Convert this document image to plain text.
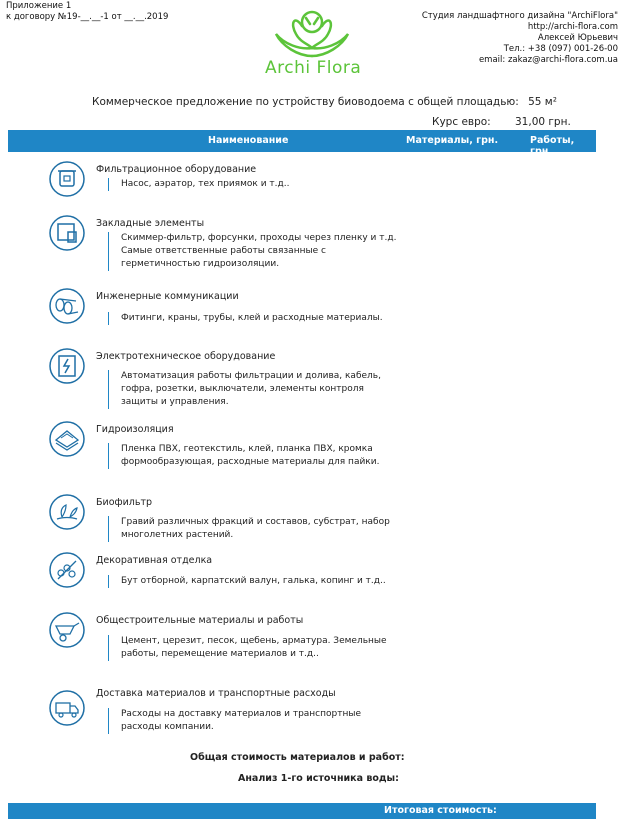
Приложение 1
к договору №19-__.__-1 от __.__.2019	Студия ландшафтного дизайна "ArchiFlora"
http://archi-flora.com
Алексей Юрьевич
Тел.: +38 (097) 001-26-00
email: zakaz@archi-flora.com.ua
Archi Flora
Коммерческое предложение по устройству биоводоема с общей площадью: 55 м²
Курс евро: 31,00 грн.
Наименование	Материалы, грн.	Работы, грн.
Фильтрационное оборудование
Насос, аэратор, тех приямок и т.д..
Закладные элементы
Скиммер-фильтр, форсунки, проходы через пленку и т.д. Самые ответственные работы связанные с герметичностью гидроизоляции.
Инженерные коммуникации
Фитинги, краны, трубы, клей и расходные материалы.
Электротехническое оборудование
Автоматизация работы фильтрации и долива, кабель, гофра, розетки, выключатели, элементы контроля защиты и управления.
Гидроизоляция
Пленка ПВХ, геотекстиль, клей, планка ПВХ, кромка формообразующая, расходные материалы для пайки.
Биофильтр
Гравий различных фракций и составов, субстрат, набор многолетних растений.
Декоративная отделка
Бут отборной, карпатский валун, галька, копинг и т.д..
Общестроительные материалы и работы
Цемент, церезит, песок, щебень, арматура. Земельные работы, перемещение материалов и т.д..
Доставка материалов и транспортные расходы
Расходы на доставку материалов и транспортные расходы компании.
Общая стоимость материалов и работ:
Анализ 1-го источника воды:
Итоговая стоимость:
